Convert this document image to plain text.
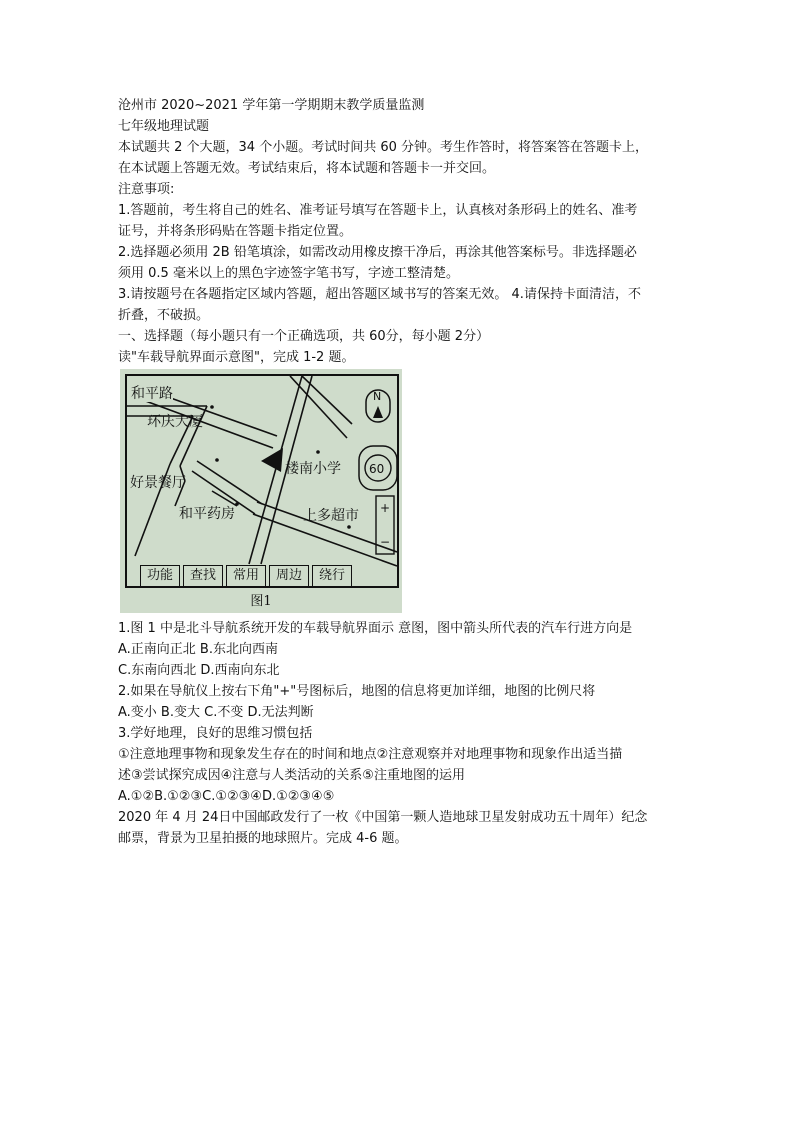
沧州市 2020~2021 学年第一学期期末教学质量监测
七年级地理试题
本试题共 2 个大题，34 个小题。考试时间共 60 分钟。考生作答时，将答案答在答题卡上，
在本试题上答题无效。考试结束后，将本试题和答题卡一并交回。
注意事项:
1.答题前，考生将自己的姓名、准考证号填写在答题卡上，认真核对条形码上的姓名、准考
证号，并将条形码贴在答题卡指定位置。
2.选择题必须用 2B 铅笔填涂，如需改动用橡皮擦干净后，再涂其他答案标号。非选择题必
须用 0.5 毫米以上的黑色字迹签字笔书写，字迹工整清楚。
3.请按题号在各题指定区域内答题，超出答题区域书写的答案无效。 4.请保持卡面清洁，不
折叠，不破损。
一、选择题（每小题只有一个正确选项，共 60分，每小题 2分）
读"车载导航界面示意图"，完成 1-2 题。
和平路
环庆大厦
好景餐厅
和平药房
楼南小学
上多超市
N
60
+
−
功能	查找	常用	周边	绕行
图1
1.图 1 中是北斗导航系统开发的车载导航界面示 意图，图中箭头所代表的汽车行进方向是
A.正南向正北 B.东北向西南
C.东南向西北 D.西南向东北
2.如果在导航仪上按右下角"+"号图标后，地图的信息将更加详细，地图的比例尺将
A.变小 B.变大 C.不变 D.无法判断
3.学好地理，良好的思维习惯包括
①注意地理事物和现象发生存在的时间和地点②注意观察并对地理事物和现象作出适当描
述③尝试探究成因④注意与人类活动的关系⑤注重地图的运用
A.①②B.①②③C.①②③④D.①②③④⑤
2020 年 4 月 24日中国邮政发行了一枚《中国第一颗人造地球卫星发射成功五十周年）纪念
邮票，背景为卫星拍摄的地球照片。完成 4-6 题。
